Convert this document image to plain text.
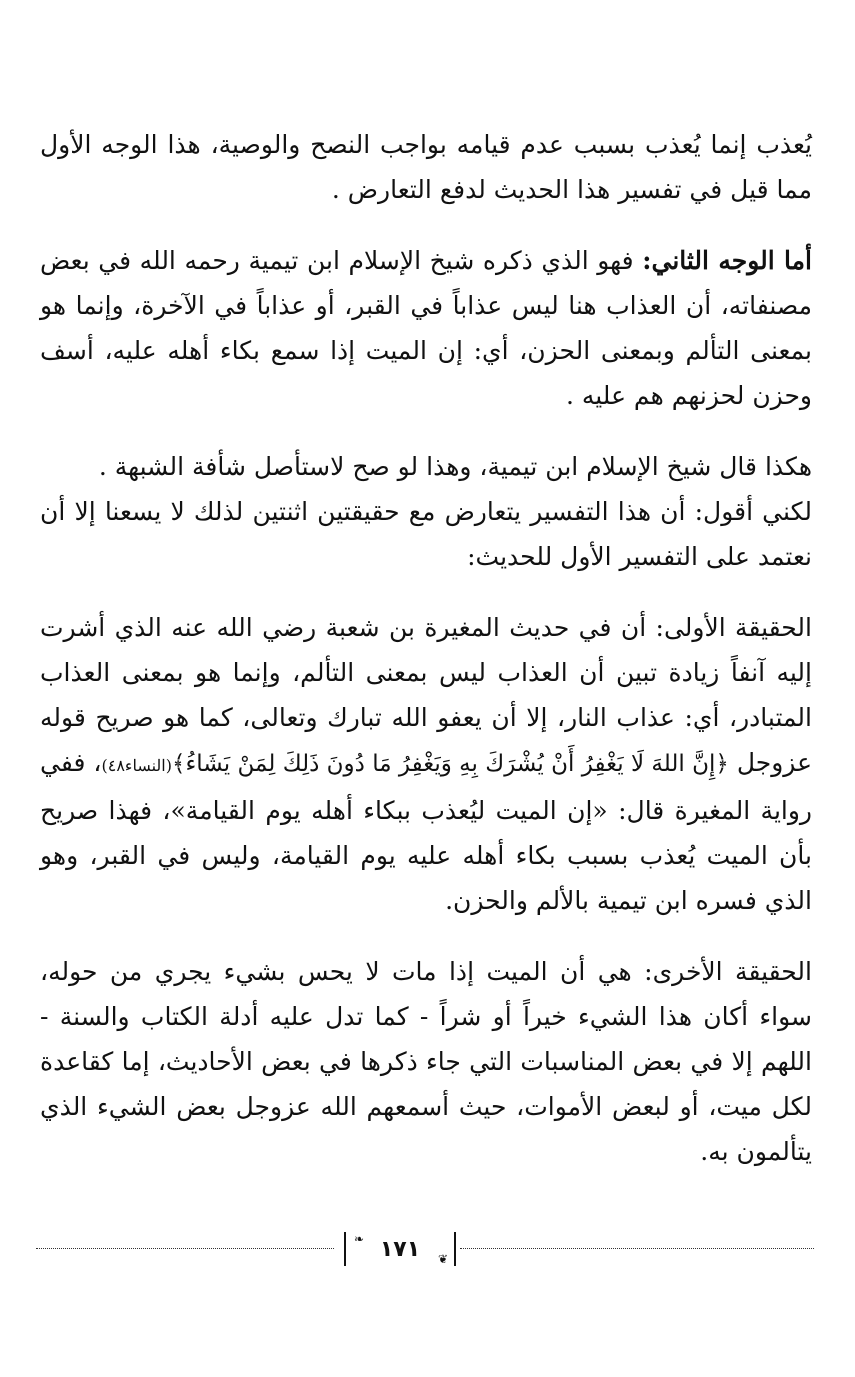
يُعذب إنما يُعذب بسبب عدم قيامه بواجب النصح والوصية، هذا الوجه الأول مما قيل في تفسير هذا الحديث لدفع التعارض .

أما الوجه الثاني: فهو الذي ذكره شيخ الإسلام ابن تيمية رحمه الله في بعض مصنفاته، أن العذاب هنا ليس عذاباً في القبر، أو عذاباً في الآخرة، وإنما هو بمعنى التألم وبمعنى الحزن، أي: إن الميت إذا سمع بكاء أهله عليه، أسف وحزن لحزنهم هم عليه .

هكذا قال شيخ الإسلام ابن تيمية، وهذا لو صح لاستأصل شأفة الشبهة .

لكني أقول: أن هذا التفسير يتعارض مع حقيقتين اثنتين لذلك لا يسعنا إلا أن نعتمد على التفسير الأول للحديث:

الحقيقة الأولى: أن في حديث المغيرة بن شعبة رضي الله عنه الذي أشرت إليه آنفاً زيادة تبين أن العذاب ليس بمعنى التألم، وإنما هو بمعنى العذاب المتبادر، أي: عذاب النار، إلا أن يعفو الله تبارك وتعالى، كما هو صريح قوله عزوجل ﴿إِنَّ اللهَ لَا يَغْفِرُ أَنْ يُشْرَكَ بِهِ وَيَغْفِرُ مَا دُونَ ذَلِكَ لِمَنْ يَشَاءُ﴾(النساء٤٨)، ففي رواية المغيرة قال: «إن الميت ليُعذب ببكاء أهله يوم القيامة»، فهذا صريح بأن الميت يُعذب بسبب بكاء أهله عليه يوم القيامة، وليس في القبر، وهو الذي فسره ابن تيمية بالألم والحزن.

الحقيقة الأخرى: هي أن الميت إذا مات لا يحس بشيء يجري من حوله، سواء أكان هذا الشيء خيراً أو شراً - كما تدل عليه أدلة الكتاب والسنة - اللهم إلا في بعض المناسبات التي جاء ذكرها في بعض الأحاديث، إما كقاعدة لكل ميت، أو لبعض الأموات، حيث أسمعهم الله عزوجل بعض الشيء الذي يتألمون به.

❧ ١٧١ ❦
